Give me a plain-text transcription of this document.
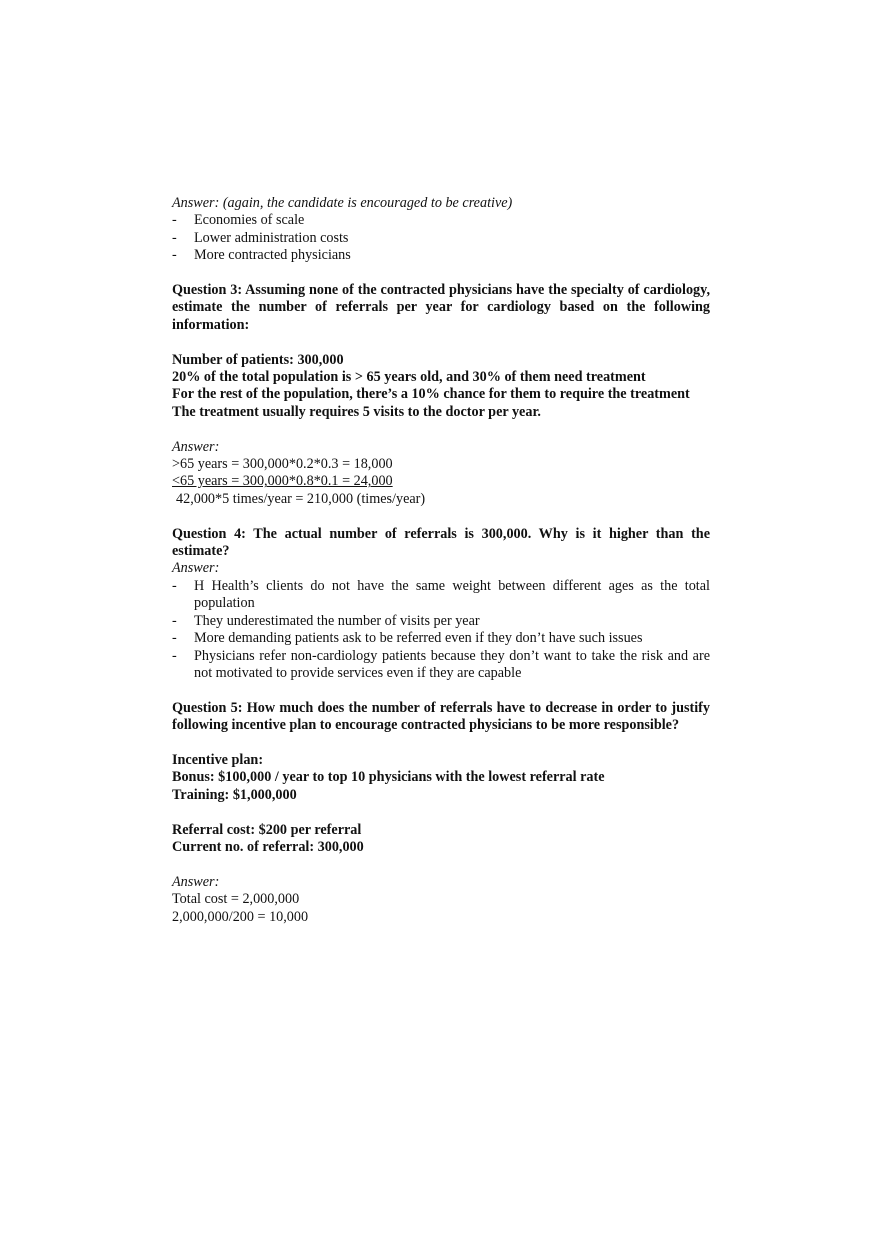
Answer: (again, the candidate is encouraged to be creative)

- Economies of scale
- Lower administration costs
- More contracted physicians

Question 3: Assuming none of the contracted physicians have the specialty of cardiology, estimate the number of referrals per year for cardiology based on the following information:

Number of patients: 300,000

20% of the total population is > 65 years old, and 30% of them need treatment

For the rest of the population, there’s a 10% chance for them to require the treatment

The treatment usually requires 5 visits to the doctor per year.

Answer:

>65 years = 300,000*0.2*0.3 = 18,000

<65 years = 300,000*0.8*0.1 = 24,000

42,000*5 times/year = 210,000 (times/year)

Question 4: The actual number of referrals is 300,000. Why is it higher than the estimate?

Answer:

- H Health’s clients do not have the same weight between different ages as the total population
- They underestimated the number of visits per year
- More demanding patients ask to be referred even if they don’t have such issues
- Physicians refer non-cardiology patients because they don’t want to take the risk and are not motivated to provide services even if they are capable

Question 5: How much does the number of referrals have to decrease in order to justify following incentive plan to encourage contracted physicians to be more responsible?

Incentive plan:

Bonus: $100,000 / year to top 10 physicians with the lowest referral rate

Training: $1,000,000

Referral cost: $200 per referral

Current no. of referral: 300,000

Answer:

Total cost = 2,000,000

2,000,000/200 = 10,000
